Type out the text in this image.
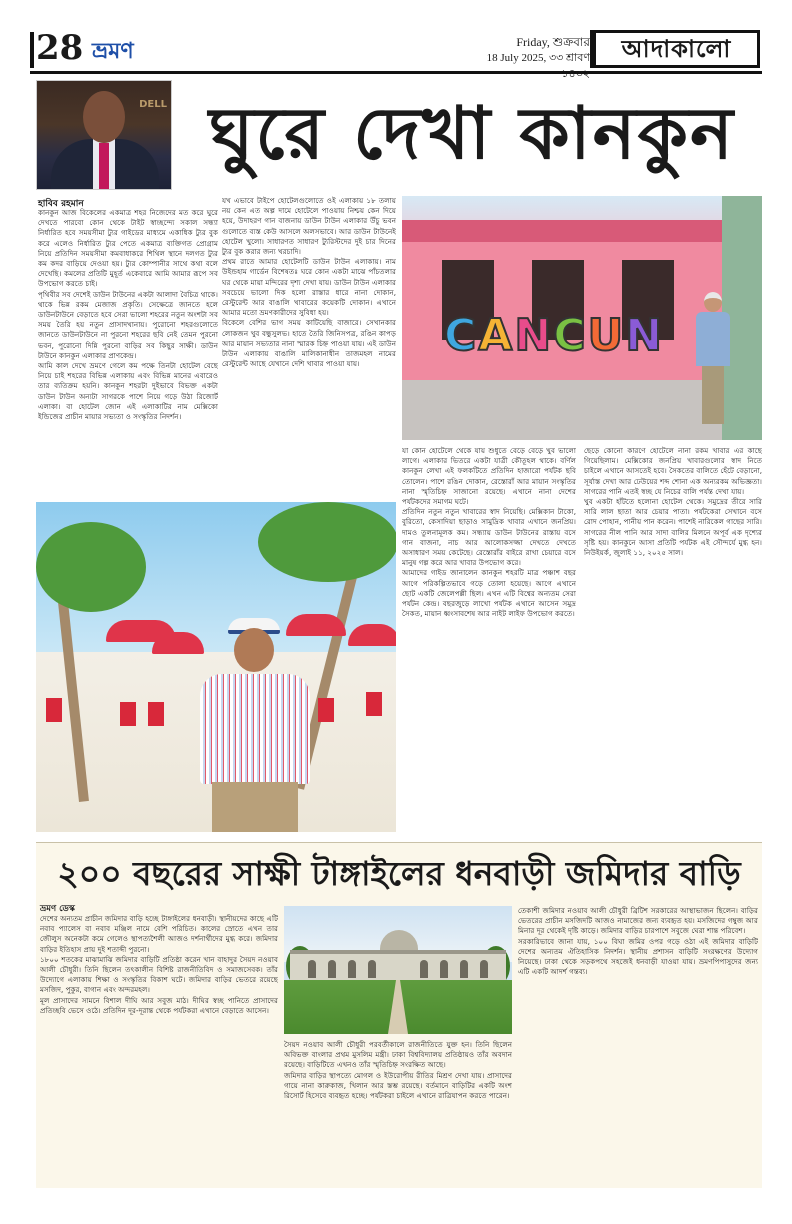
28 ভ্রমণ	Friday, শুক্রবার
18 July 2025, ৩৩ শ্রাবণ ১৪৩২
আদাকালো
DELL ঘুরে দেখা কানকুন
হাবিব রহমান

কানকুন আজ বিকেলের একমাত্র শহর নিজেদের মত করে ঘুরে দেখতে পারবো কোন থেকে টাইট স্বাচ্ছন্দ্যে সকাল সন্ধ্যা নির্ধারিত হবে সময়সীমা ট্যুর গাইডের মাধ্যমে একাধিক ট্যুর বুক করে এলেও নির্ধারিত ট্যুর পেতে একমাত্র ব্যক্তিগত প্রোগ্রাম নিয়ে প্রতিদিন সময়সীমা কমবাধাকরে শিথিল স্থানে দলগত ট্যুর কম কদর বাড়িয়ে দেওয়া হয়। ট্যুর কোম্পানীর সাথে কথা বলে দেখেছি। কমলের প্রতিটি মুহূর্ত একেবারে আমি আমার রূপে সব উপভোগ করতে চাই।

পৃথিবীর সব দেশেই ডাউন টাউনের একটা আলাদা বৈচিত্র থাকে। থাকে ভিন্ন রকম মেজাজ প্রকৃতি। সেক্ষেত্রে জানতে হলে ডাউনটাউনে বেড়াতে হবে সেরা ভালো শহরের নতুন অংশটা সব সময় তৈরি হয় নতুন প্রাসাদখানায়। পুরোনো শহরগুলোতে জানতে ডাউনটাউনে না পুরনো শহরের ছবি নেই তেমন পুরনো ভবন, পুরোনো দিন্নি পুরনো বাড়ির সব কিছুর সাক্ষী। ডাউন টাউনে কানকুন এলাকার প্রাণকেন্দ্র।

আমি কাল দেখে ভ্রমণে গেলে কম পক্ষে তিনটা হোটেল বেছে নিয়ে চাই শহরের বিভিন্ন এলাকায় এবং বিভিন্ন মানের এবারেও তার ব্যতিক্রম হয়নি। কানকুন শহরটা দুইভাবে বিভক্ত একটা ডাউন টাউন অন্যটা সাগরকে পাশে নিয়ে গড়ে উঠা রিজোর্ট এলাকা। বা হোটেল জোন এই এলাকাটির নাম মেক্সিকো ইন্ডিজের প্রাচীন মায়ার সভ্যতা ও সংস্কৃতির নিদর্শন।

যখ এভাবে টাইপে হোটেলগুলোতে ওই এলাকায় ১৮ তলায় নয় কেন এত অল্প দামে হোটেলে পাওয়ায় নিশ্চয় কেন দিয়ে হয়ে, উদাহরণ গান বাজনায় ডাউন টাউন এলাকার উঁচু ভবন গুলোতে ব্যস্ত কেউ আসলে অলসভাবে। আর ডাউন টাউনেই হোটেল খুলো। সাধারণত সাধারণ ট্যুরিস্টদের দুই চার দিনের ট্যুর বুক করার জন্য খরচাদি।

প্রথম রাতে আমার হোটেলটি ডাউন টাউন এলাকায়। নাম উইন্ডহাম গার্ডেন বিশেষতঃ ঘরে কোন একটা মাঝে পাঁচতলার ঘর থেকে মায়া মন্দিরের দৃশ্য দেখা যায়। ডাউন টাউন এলাকার সবচেয়ে ভালো দিক হলো রাস্তার ধারে নানা দোকান, রেস্টুরেন্ট আর বাঙালি খাবারের কয়েকটি দোকান। এখানে আমার মতো ভ্রমণকারীদের সুবিধা হয়।

বিকেলে বেশির ভাগ সময় কাটিয়েছি বাজারে। সেখানকার লোকজন খুব বন্ধুসুলভ। হাতে তৈরি জিনিসপত্র, রঙিন কাপড় আর মায়ান সভ্যতার নানা স্মারক চিহ্ন পাওয়া যায়। এই ডাউন টাউন এলাকায় বাঙালি মালিকানাধীন তাজমহল নামের রেস্টুরেন্ট আছে যেখানে দেশি খাবার পাওয়া যায়।

C A N C U N

যা কোন হোটেলে থেকে যায় শুধুতে বেড়ে বেড়ে খুব ভালো লাগে। এলাকার ভিতরে একটা যাত্রী কৌতূহল থাকে। বর্ণিল কানকুন লেখা এই ফলকটিতে প্রতিদিন হাজারো পর্যটক ছবি তোলেন। পাশে রঙিন দোকান, রেস্তোরাঁ আর মায়ান সংস্কৃতির নানা স্মৃতিচিহ্ন সাজানো রয়েছে। এখানে নানা দেশের পর্যটকদের সমাগম ঘটে।

প্রতিদিন নতুন নতুন খাবারের স্বাদ নিয়েছি। মেক্সিকান টাকো, বুরিতো, কেসাদিয়া ছাড়াও সামুদ্রিক খাবার এখানে জনপ্রিয়। দামও তুলনামূলক কম। সন্ধ্যায় ডাউন টাউনের রাস্তায় বসে গান বাজনা, নাচ আর আলোকসজ্জা দেখতে দেখতে অসাধারণ সময় কেটেছে। রেস্তোরাঁর বাইরে রাখা চেয়ারে বসে মানুষ গল্প করে আর খাবার উপভোগ করে।

আমাদের গাইড জানালেন কানকুন শহরটি মাত্র পঞ্চাশ বছর আগে পরিকল্পিতভাবে গড়ে তোলা হয়েছে। আগে এখানে ছোট একটি জেলেপল্লী ছিল। এখন এটি বিশ্বের অন্যতম সেরা পর্যটন কেন্দ্র। বছরজুড়ে লাখো পর্যটক এখানে আসেন সমুদ্র সৈকত, মায়ান ধ্বংসাবশেষ আর নাইট লাইফ উপভোগ করতে।

ছেড়ে কোনো কারণে হোটেলে নানা রকম খাবার এর কাছে গিয়েছিলাম। মেক্সিকোর জনপ্রিয় খাবারগুলোর স্বাদ নিতে চাইলে এখানে আসতেই হবে। সৈকতের বালিতে হেঁটে বেড়ানো, সূর্যাস্ত দেখা আর ঢেউয়ের শব্দ শোনা এক অন্যরকম অভিজ্ঞতা। সাগরের পানি এতই স্বচ্ছ যে নিচের বালি পর্যন্ত দেখা যায়।

খুব একটা হাঁটতে হলোনা হোটেল থেকে। সমুদ্রের তীরে সারি সারি লাল ছাতা আর চেয়ার পাতা। পর্যটকেরা সেখানে বসে রোদ পোহান, পানীয় পান করেন। পাশেই নারিকেল গাছের সারি। সাগরের নীল পানি আর সাদা বালির মিলনে অপূর্ব এক দৃশ্যের সৃষ্টি হয়। কানকুনে আসা প্রতিটি পর্যটক এই সৌন্দর্যে মুগ্ধ হন। নিউইয়র্ক, জুলাই ১১, ২০২৫ সাল।

২০০ বছরের সাক্ষী টাঙ্গাইলের ধনবাড়ী জমিদার বাড়ি
ভ্রমণ ডেস্ক

দেশের অন্যতম প্রাচীন জমিদার বাড়ি হচ্ছে টাঙ্গাইলের ধনবাড়ী। স্থানীয়দের কাছে এটি নবাব প্যালেস বা নবাব মঞ্জিল নামে বেশি পরিচিত। কালের স্রোতে এখন তার জৌলুস অনেকটা কমে গেলেও স্থাপত্যশৈলী আজও দর্শনার্থীদের মুগ্ধ করে। জমিদার বাড়ির ইতিহাস প্রায় দুই শতাব্দী পুরনো।

১৮০০ শতকের মাঝামাঝি জমিদার বাড়িটি প্রতিষ্ঠা করেন খান বাহাদুর সৈয়দ নওয়াব আলী চৌধুরী। তিনি ছিলেন তৎকালীন বিশিষ্ট রাজনীতিবিদ ও সমাজসেবক। তাঁর উদ্যোগে এলাকায় শিক্ষা ও সংস্কৃতির বিকাশ ঘটে। জমিদার বাড়ির ভেতরে রয়েছে মসজিদ, পুকুর, বাগান এবং অন্দরমহল।

মূল প্রাসাদের সামনে বিশাল দীঘি আর সবুজ মাঠ। দীঘির স্বচ্ছ পানিতে প্রাসাদের প্রতিচ্ছবি ভেসে ওঠে। প্রতিদিন দূর-দূরান্ত থেকে পর্যটকরা এখানে বেড়াতে আসেন।

সৈয়দ নওয়াব আলী চৌধুরী পরবর্তীকালে রাজনীতিতে যুক্ত হন। তিনি ছিলেন অবিভক্ত বাংলার প্রথম মুসলিম মন্ত্রী। ঢাকা বিশ্ববিদ্যালয় প্রতিষ্ঠায়ও তাঁর অবদান রয়েছে। বাড়িটিতে এখনও তাঁর স্মৃতিচিহ্ন সংরক্ষিত আছে।

জমিদার বাড়ির স্থাপত্যে মোগল ও ইউরোপীয় রীতির মিশ্রণ দেখা যায়। প্রাসাদের গায়ে নানা কারুকাজ, খিলান আর স্তম্ভ রয়েছে। বর্তমানে বাড়িটির একটি অংশ রিসোর্ট হিসেবে ব্যবহৃত হচ্ছে। পর্যটকরা চাইলে এখানে রাত্রিযাপন করতে পারেন।

তেকাশী জমিদার নওয়াব আলী চৌধুরী ব্রিটিশ সরকারের আস্থাভাজন ছিলেন। বাড়ির ভেতরের প্রাচীন মসজিদটি আজও নামাজের জন্য ব্যবহৃত হয়। মসজিদের গম্বুজ আর মিনার দূর থেকেই দৃষ্টি কাড়ে। জমিদার বাড়ির চারপাশে সবুজে ঘেরা শান্ত পরিবেশ।

সরকারিভাবে জানা যায়, ১০০ বিঘা জমির ওপর গড়ে ওঠা এই জমিদার বাড়িটি দেশের অন্যতম ঐতিহাসিক নিদর্শন। স্থানীয় প্রশাসন বাড়িটি সংরক্ষণের উদ্যোগ নিয়েছে। ঢাকা থেকে সড়কপথে সহজেই ধনবাড়ী যাওয়া যায়। ভ্রমণপিপাসুদের জন্য এটি একটি আদর্শ গন্তব্য।
